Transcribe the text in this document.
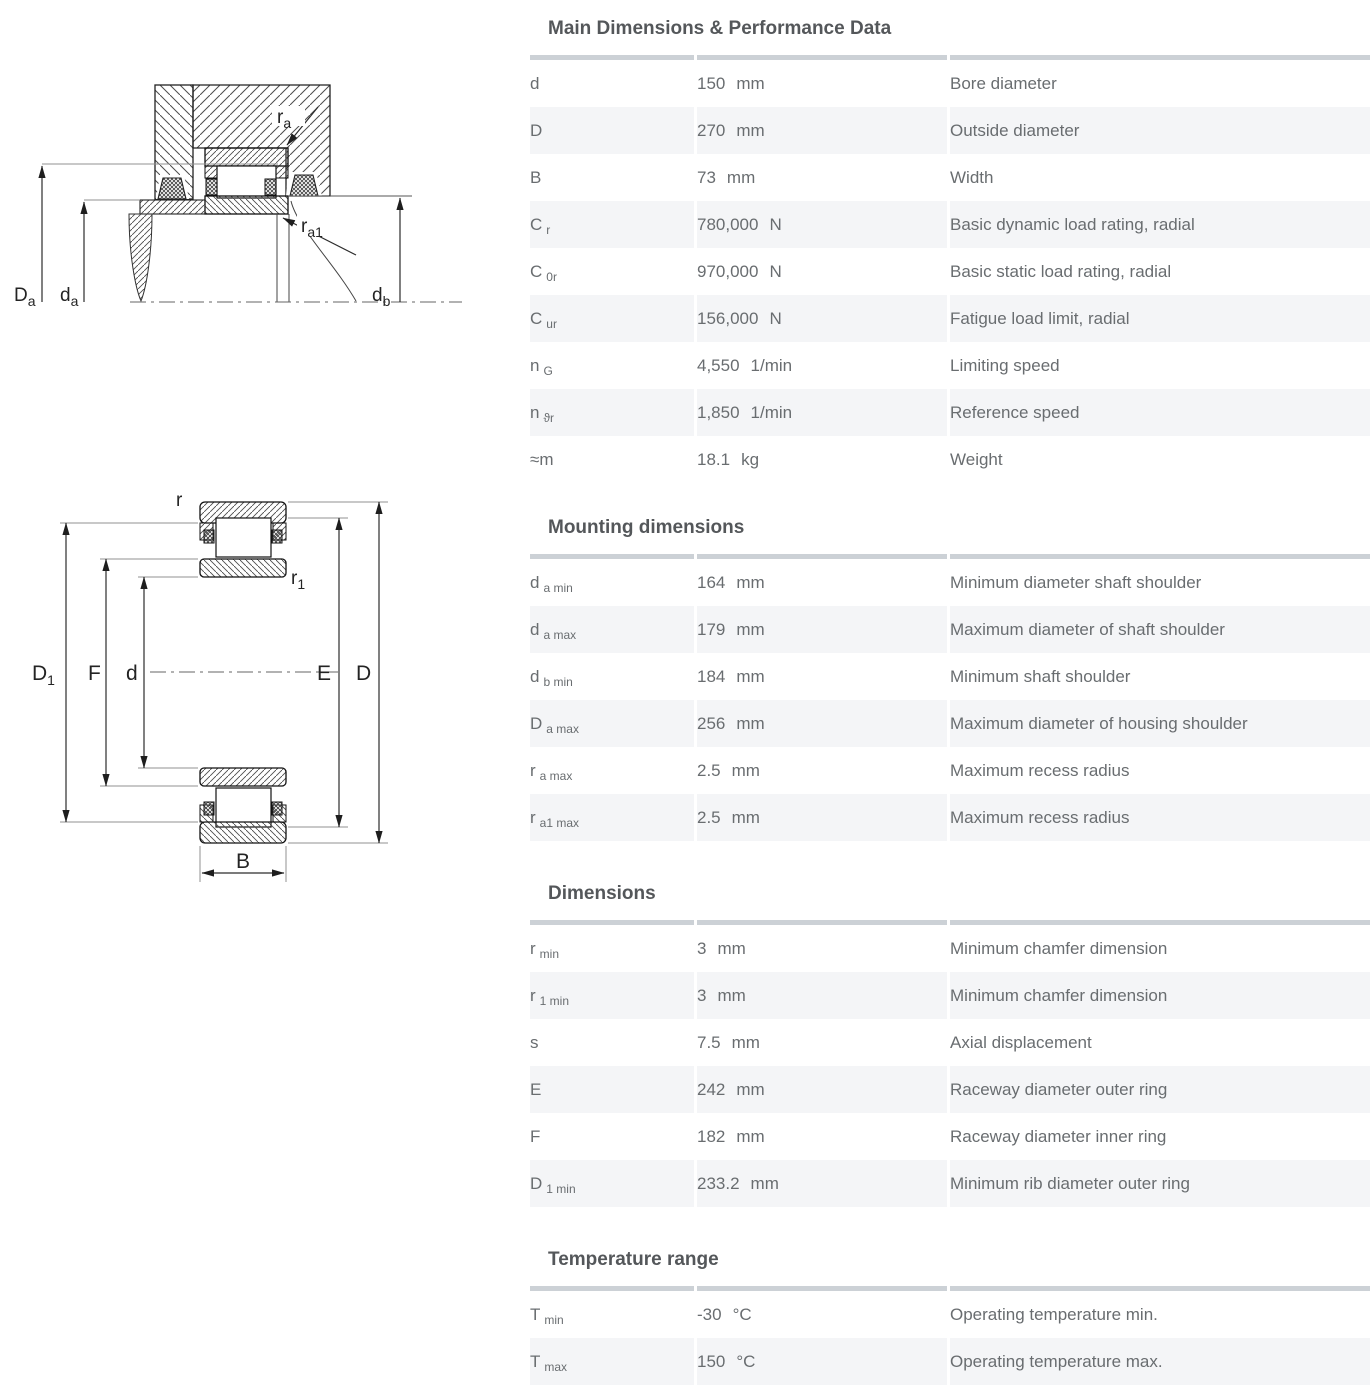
$D_a$ $d_a$	$d_b$
$r_a$
$r_{a1}$
$D_1$ F d	E D
B
r
$r_1$
Main Dimensions & Performance Data

d	150 mm	Bore diameter
D	270 mm	Outside diameter
B	73 mm	Width
C $_r$	780,000 N	Basic dynamic load rating, radial
C $_{0r}$	970,000 N	Basic static load rating, radial
C $_{ur}$	156,000 N	Fatigue load limit, radial
n $_G$	4,550 1/min	Limiting speed
n $_{ϑr}$	1,850 1/min	Reference speed
≈m	18.1 kg	Weight
Mounting dimensions

d $_{a min}$	164 mm	Minimum diameter shaft shoulder
d $_{a max}$	179 mm	Maximum diameter of shaft shoulder
d $_{b min}$	184 mm	Minimum shaft shoulder
D $_{a max}$	256 mm	Maximum diameter of housing shoulder
r $_{a max}$	2.5 mm	Maximum recess radius
r $_{a1 max}$	2.5 mm	Maximum recess radius
Dimensions

r $_{min}$	3 mm	Minimum chamfer dimension
r $_{1 min}$	3 mm	Minimum chamfer dimension
s	7.5 mm	Axial displacement
E	242 mm	Raceway diameter outer ring
F	182 mm	Raceway diameter inner ring
D $_{1 min}$	233.2 mm	Minimum rib diameter outer ring
Temperature range

T $_{min}$	-30 °C	Operating temperature min.
T $_{max}$	150 °C	Operating temperature max.
